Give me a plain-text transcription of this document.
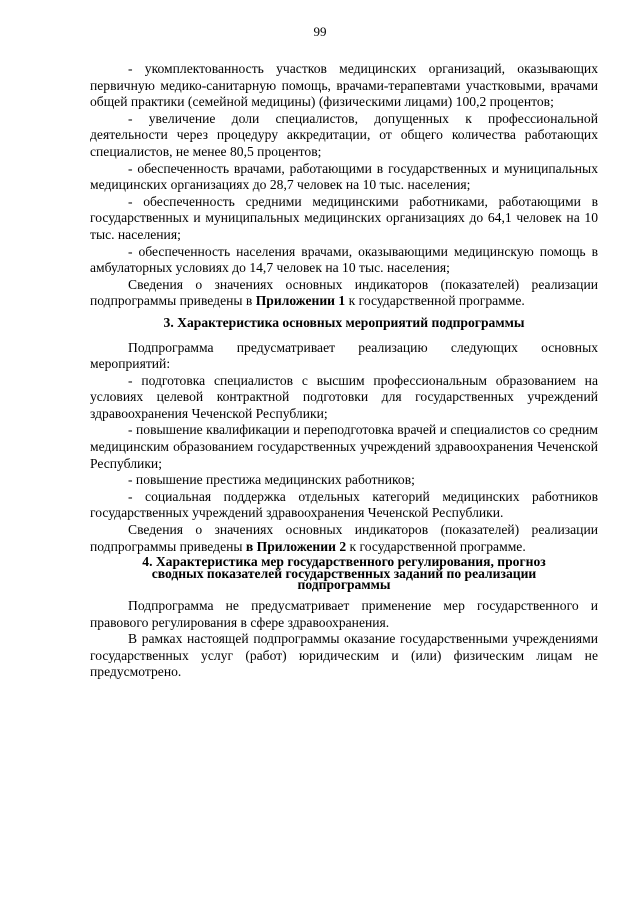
99

- укомплектованность участков медицинских организаций, оказывающих первичную медико-санитарную помощь, врачами-терапевтами участковыми, врачами общей практики (семейной медицины) (физическими лицами) 100,2 процентов;

- увеличение доли специалистов, допущенных к профессиональной деятельности через процедуру аккредитации, от общего количества работающих специалистов, не менее 80,5 процентов;

- обеспеченность врачами, работающими в государственных и муниципальных медицинских организациях до 28,7 человек на 10 тыс. населения;

- обеспеченность средними медицинскими работниками, работающими в государственных и муниципальных медицинских организациях до 64,1 человек на 10 тыс. населения;

- обеспеченность населения врачами, оказывающими медицинскую помощь в амбулаторных условиях до 14,7 человек на 10 тыс. населения;

Сведения о значениях основных индикаторов (показателей) реализации подпрограммы приведены в Приложении 1 к государственной программе.

3. Характеристика основных мероприятий подпрограммы

Подпрограмма предусматривает реализацию следующих основных мероприятий:

- подготовка специалистов с высшим профессиональным образованием на условиях целевой контрактной подготовки для государственных учреждений здравоохранения Чеченской Республики;

- повышение квалификации и переподготовка врачей и специалистов со средним медицинским образованием государственных учреждений здравоохранения Чеченской Республики;

- повышение престижа медицинских работников;

- социальная поддержка отдельных категорий медицинских работников государственных учреждений здравоохранения Чеченской Республики.

Сведения о значениях основных индикаторов (показателей) реализации подпрограммы приведены в Приложении 2 к государственной программе.

4. Характеристика мер государственного регулирования, прогноз
сводных показателей государственных заданий по реализации
подпрограммы

Подпрограмма не предусматривает применение мер государственного и правового регулирования в сфере здравоохранения.

В рамках настоящей подпрограммы оказание государственными учреждениями государственных услуг (работ) юридическим и (или) физическим лицам не предусмотрено.
